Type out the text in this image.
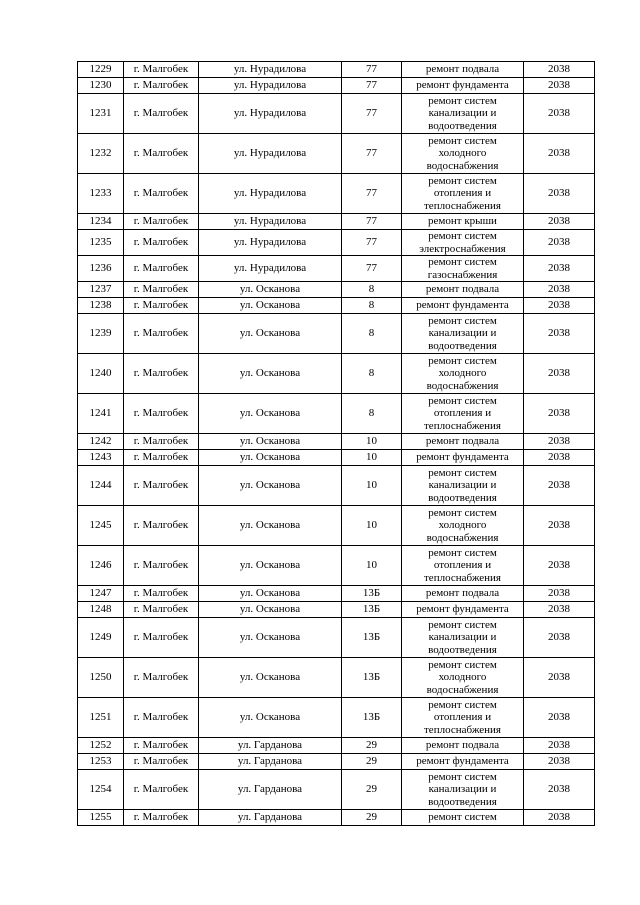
1229	г. Малгобек	ул. Нурадилова	77	ремонт подвала	2038
1230	г. Малгобек	ул. Нурадилова	77	ремонт фундамента	2038
1231	г. Малгобек	ул. Нурадилова	77	ремонт систем канализации и водоотведения	2038
1232	г. Малгобек	ул. Нурадилова	77	ремонт систем холодного водоснабжения	2038
1233	г. Малгобек	ул. Нурадилова	77	ремонт систем отопления и теплоснабжения	2038
1234	г. Малгобек	ул. Нурадилова	77	ремонт крыши	2038
1235	г. Малгобек	ул. Нурадилова	77	ремонт систем электроснабжения	2038
1236	г. Малгобек	ул. Нурадилова	77	ремонт систем газоснабжения	2038
1237	г. Малгобек	ул. Осканова	8	ремонт подвала	2038
1238	г. Малгобек	ул. Осканова	8	ремонт фундамента	2038
1239	г. Малгобек	ул. Осканова	8	ремонт систем канализации и водоотведения	2038
1240	г. Малгобек	ул. Осканова	8	ремонт систем холодного водоснабжения	2038
1241	г. Малгобек	ул. Осканова	8	ремонт систем отопления и теплоснабжения	2038
1242	г. Малгобек	ул. Осканова	10	ремонт подвала	2038
1243	г. Малгобек	ул. Осканова	10	ремонт фундамента	2038
1244	г. Малгобек	ул. Осканова	10	ремонт систем канализации и водоотведения	2038
1245	г. Малгобек	ул. Осканова	10	ремонт систем холодного водоснабжения	2038
1246	г. Малгобек	ул. Осканова	10	ремонт систем отопления и теплоснабжения	2038
1247	г. Малгобек	ул. Осканова	13Б	ремонт подвала	2038
1248	г. Малгобек	ул. Осканова	13Б	ремонт фундамента	2038
1249	г. Малгобек	ул. Осканова	13Б	ремонт систем канализации и водоотведения	2038
1250	г. Малгобек	ул. Осканова	13Б	ремонт систем холодного водоснабжения	2038
1251	г. Малгобек	ул. Осканова	13Б	ремонт систем отопления и теплоснабжения	2038
1252	г. Малгобек	ул. Гарданова	29	ремонт подвала	2038
1253	г. Малгобек	ул. Гарданова	29	ремонт фундамента	2038
1254	г. Малгобек	ул. Гарданова	29	ремонт систем канализации и водоотведения	2038
1255	г. Малгобек	ул. Гарданова	29	ремонт систем	2038
